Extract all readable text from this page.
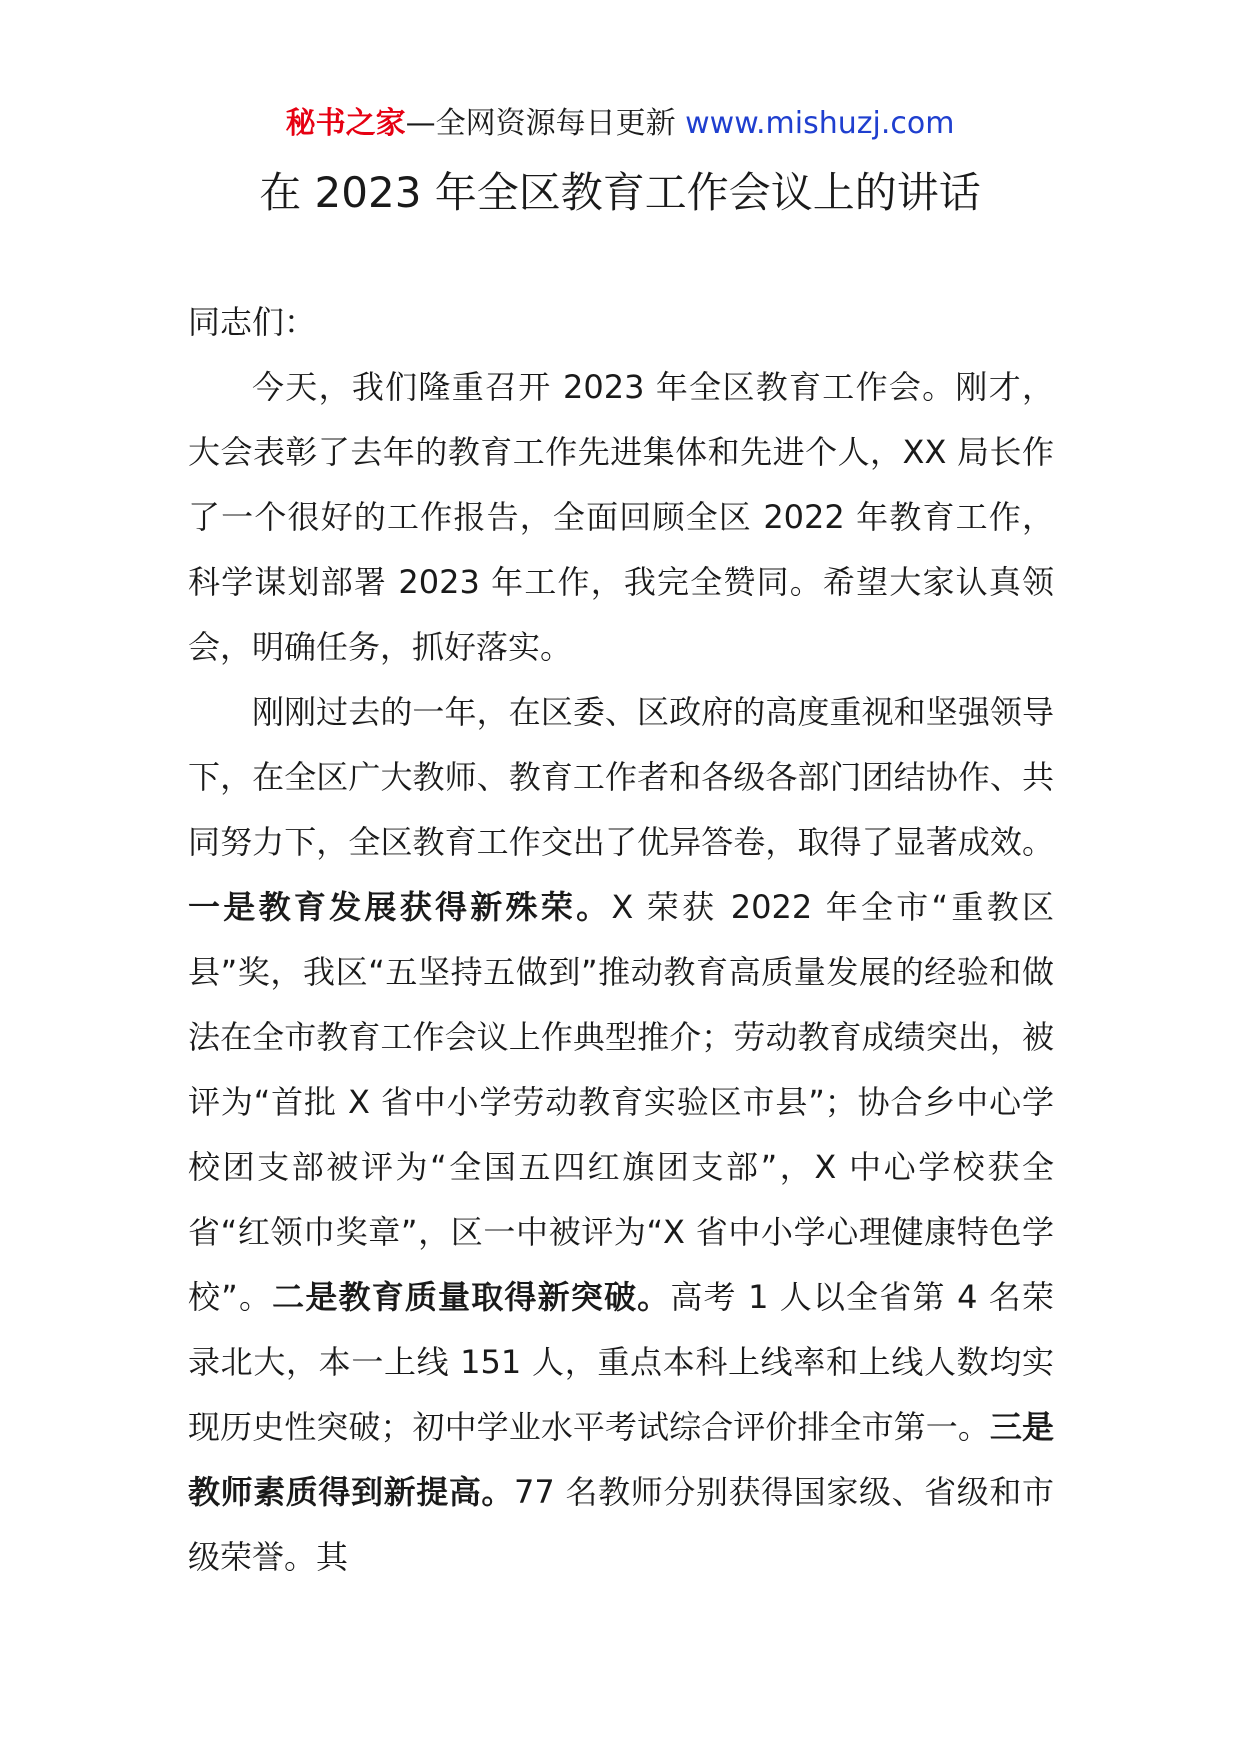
秘书之家—全网资源每日更新 www.mishuzj.com
在 2023 年全区教育工作会议上的讲话

同志们：

今天，我们隆重召开 2023 年全区教育工作会。刚才，大会表彰了去年的教育工作先进集体和先进个人，XX 局长作了一个很好的工作报告，全面回顾全区 2022 年教育工作，科学谋划部署 2023 年工作，我完全赞同。希望大家认真领会，明确任务，抓好落实。

刚刚过去的一年，在区委、区政府的高度重视和坚强领导下，在全区广大教师、教育工作者和各级各部门团结协作、共同努力下，全区教育工作交出了优异答卷，取得了显著成效。一是教育发展获得新殊荣。X 荣获 2022 年全市“重教区县”奖，我区“五坚持五做到”推动教育高质量发展的经验和做法在全市教育工作会议上作典型推介；劳动教育成绩突出，被评为“首批 X 省中小学劳动教育实验区市县”；协合乡中心学校团支部被评为“全国五四红旗团支部”，X 中心学校获全省“红领巾奖章”，区一中被评为“X 省中小学心理健康特色学校”。二是教育质量取得新突破。高考 1 人以全省第 4 名荣录北大，本一上线 151 人，重点本科上线率和上线人数均实现历史性突破；初中学业水平考试综合评价排全市第一。三是教师素质得到新提高。77 名教师分别获得国家级、省级和市级荣誉。其
